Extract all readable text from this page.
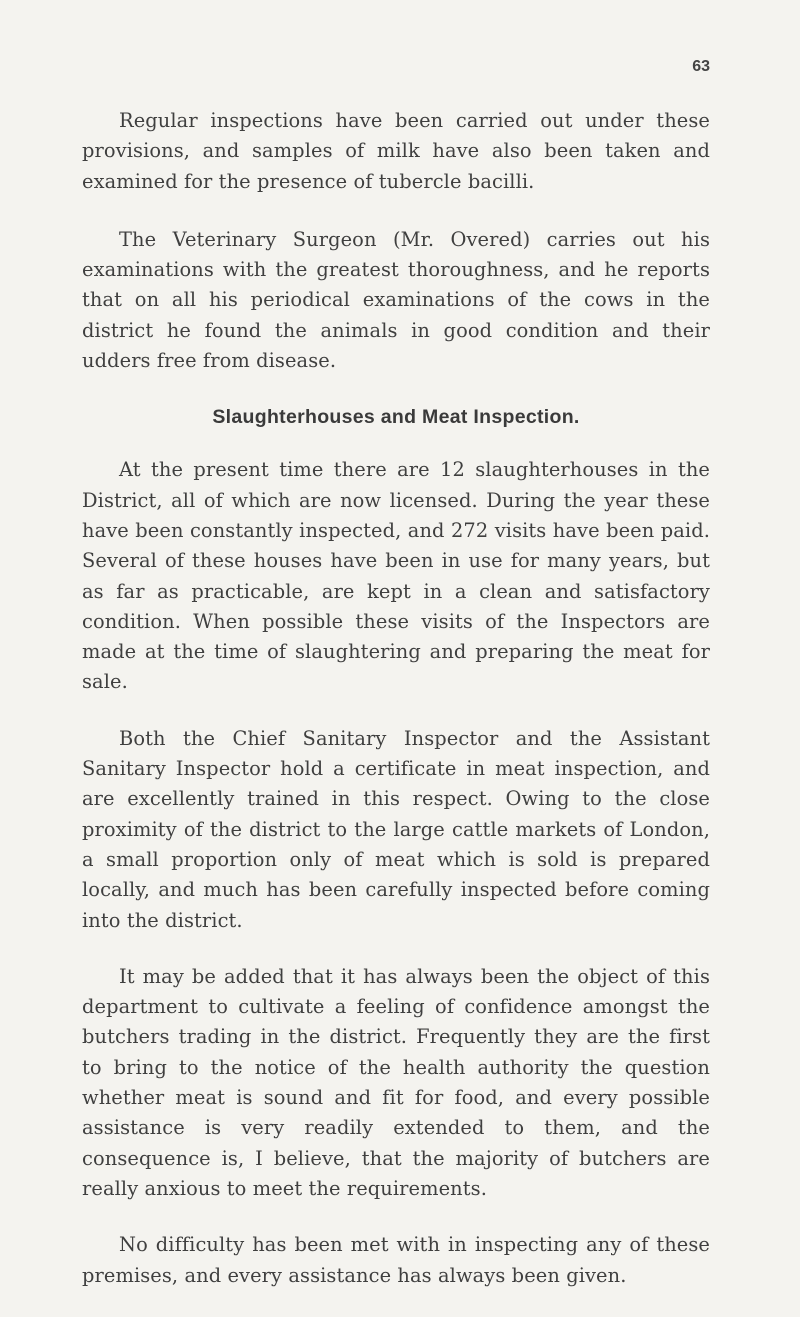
63

Regular inspections have been carried out under these provisions, and samples of milk have also been taken and examined for the presence of tubercle bacilli.

The Veterinary Surgeon (Mr. Overed) carries out his examinations with the greatest thoroughness, and he reports that on all his periodical examinations of the cows in the district he found the animals in good condition and their udders free from disease.

Slaughterhouses and Meat Inspection.

At the present time there are 12 slaughterhouses in the District, all of which are now licensed. During the year these have been constantly inspected, and 272 visits have been paid. Several of these houses have been in use for many years, but as far as practicable, are kept in a clean and satisfactory condition. When possible these visits of the Inspectors are made at the time of slaughtering and preparing the meat for sale.

Both the Chief Sanitary Inspector and the Assistant Sanitary Inspector hold a certificate in meat inspection, and are excellently trained in this respect. Owing to the close proximity of the district to the large cattle markets of London, a small proportion only of meat which is sold is prepared locally, and much has been carefully inspected before coming into the district.

It may be added that it has always been the object of this department to cultivate a feeling of confidence amongst the butchers trading in the district. Frequently they are the first to bring to the notice of the health authority the question whether meat is sound and fit for food, and every possible assistance is very readily extended to them, and the consequence is, I believe, that the majority of butchers are really anxious to meet the requirements.

No difficulty has been met with in inspecting any of these premises, and every assistance has always been given.
